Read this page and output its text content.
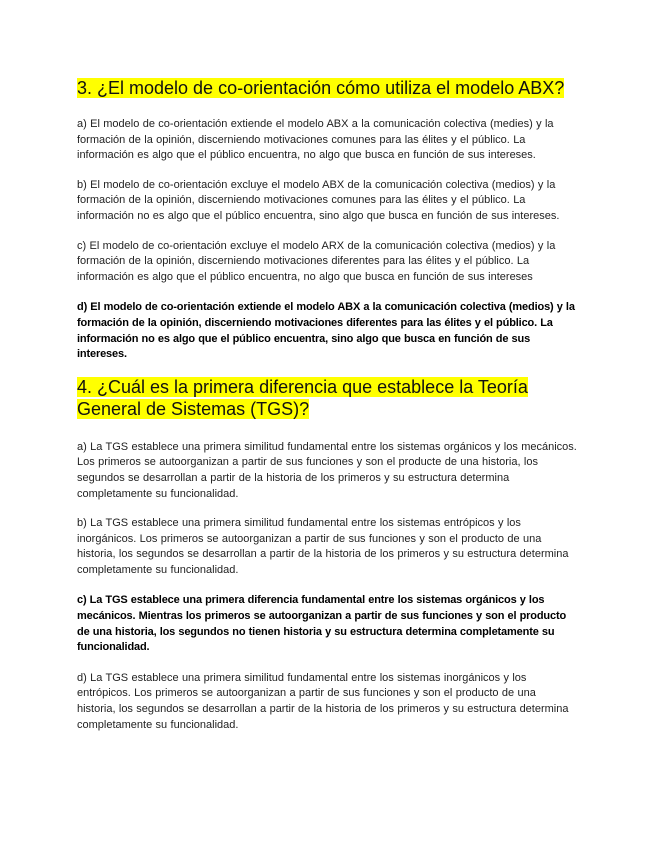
3. ¿El modelo de co-orientación cómo utiliza el modelo ABX?

a) El modelo de co-orientación extiende el modelo ABX a la comunicación colectiva (medies) y la formación de la opinión, discerniendo motivaciones comunes para las élites y el público. La información es algo que el público encuentra, no algo que busca en función de sus intereses.

b) El modelo de co-orientación excluye el modelo ABX de la comunicación colectiva (medios) y la formación de la opinión, discerniendo motivaciones comunes para las élites y el público. La información no es algo que el público encuentra, sino algo que busca en función de sus intereses.

c) El modelo de co-orientación excluye el modelo ARX de la comunicación colectiva (medios) y la formación de la opinión, discerniendo motivaciones diferentes para las élites y el público. La información es algo que el público encuentra, no algo que busca en función de sus intereses

d) El modelo de co-orientación extiende el modelo ABX a la comunicación colectiva (medios) y la formación de la opinión, discerniendo motivaciones diferentes para las élites y el público. La información no es algo que el público encuentra, sino algo que busca en función de sus intereses.

4. ¿Cuál es la primera diferencia que establece la Teoría General de Sistemas (TGS)?

a) La TGS establece una primera similitud fundamental entre los sistemas orgánicos y los mecánicos. Los primeros se autoorganizan a partir de sus funciones y son el producte de una historia, los segundos se desarrollan a partir de la historia de los primeros y su estructura determina completamente su funcionalidad.

b) La TGS establece una primera similitud fundamental entre los sistemas entrópicos y los inorgánicos. Los primeros se autoorganizan a partir de sus funciones y son el producto de una historia, los segundos se desarrollan a partir de la historia de los primeros y su estructura determina completamente su funcionalidad.

c) La TGS establece una primera diferencia fundamental entre los sistemas orgánicos y los mecánicos. Mientras los primeros se autoorganizan a partir de sus funciones y son el producto de una historia, los segundos no tienen historia y su estructura determina completamente su funcionalidad.

d) La TGS establece una primera similitud fundamental entre los sistemas inorgánicos y los entrópicos. Los primeros se autoorganizan a partir de sus funciones y son el producto de una historia, los segundos se desarrollan a partir de la historia de los primeros y su estructura determina completamente su funcionalidad.
